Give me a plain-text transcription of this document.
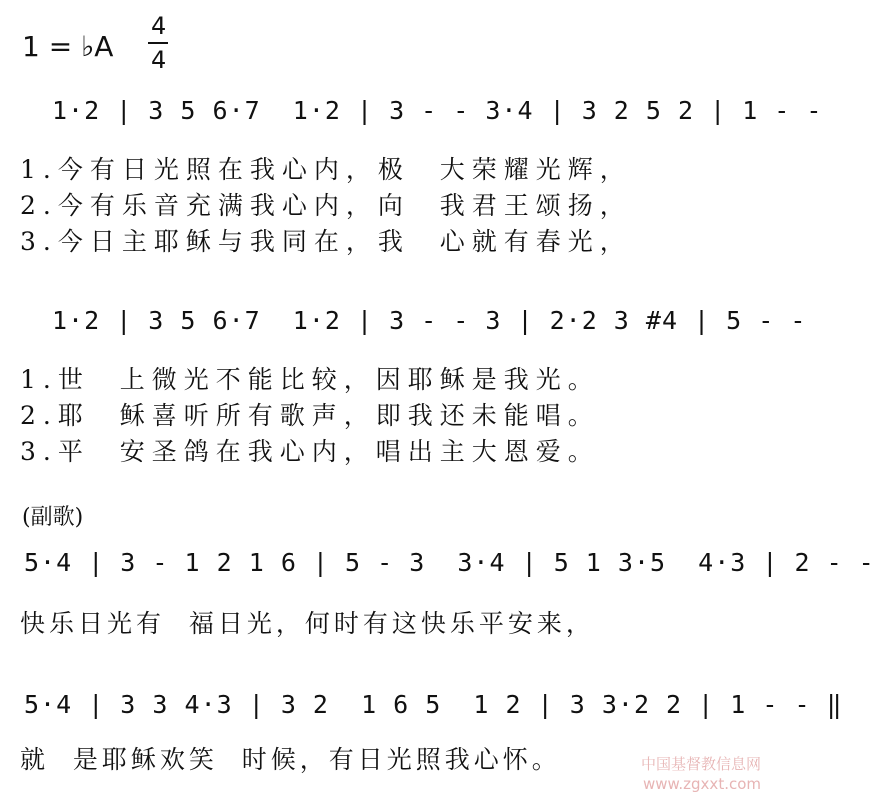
1 = ♭A
4
4
1·2 | 3 5 6·7  1·2 | 3 - - 3·4 | 3 2 5 2 | 1 - -
1.今有日光照在我心内，极  大荣耀光辉，
2.今有乐音充满我心内，向  我君王颂扬，
3.今日主耶稣与我同在，我  心就有春光，
1·2 | 3 5 6·7  1·2 | 3 - - 3 | 2·2 3 #4 | 5 - -
1.世  上微光不能比较，因耶稣是我光。
2.耶  稣喜听所有歌声，即我还未能唱。
3.平  安圣鸽在我心内，唱出主大恩爱。
(副歌)
5·4 | 3 - 1 2 1 6 | 5 - 3  3·4 | 5 1 3·5  4·3 | 2 - -
快乐日光有  福日光，何时有这快乐平安来，
5·4 | 3 3 4·3 | 3 2  1 6 5  1 2 | 3 3·2 2 | 1 - - ‖
就  是耶稣欢笑  时候，有日光照我心怀。	中国基督教信息网
www.zgxxt.com
